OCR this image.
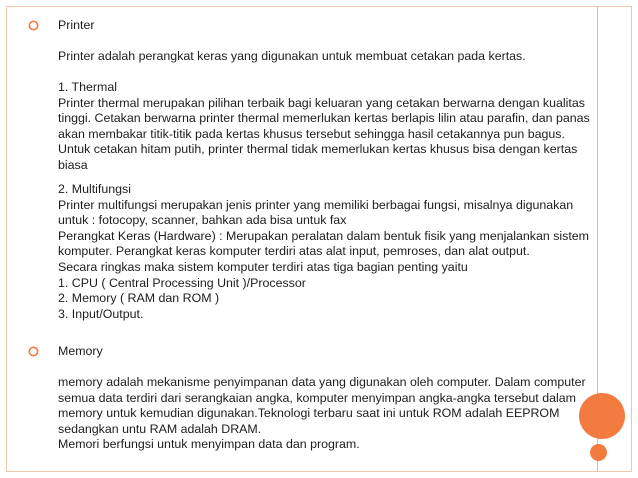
Printer
Printer adalah perangkat keras yang digunakan untuk membuat cetakan pada kertas.
1. Thermal
Printer thermal merupakan pilihan terbaik bagi keluaran yang cetakan berwarna dengan kualitas
tinggi. Cetakan berwarna printer thermal memerlukan kertas berlapis lilin atau parafin, dan panas
akan membakar titik-titik pada kertas khusus tersebut sehingga hasil cetakannya pun bagus.
Untuk cetakan hitam putih, printer thermal tidak memerlukan kertas khusus bisa dengan kertas
biasa
2. Multifungsi
Printer multifungsi merupakan jenis printer yang memiliki berbagai fungsi, misalnya digunakan
untuk : fotocopy, scanner, bahkan ada bisa untuk fax
Perangkat Keras (Hardware) : Merupakan peralatan dalam bentuk fisik yang menjalankan sistem
komputer. Perangkat keras komputer terdiri atas alat input, pemroses, dan alat output.
Secara ringkas maka sistem komputer terdiri atas tiga bagian penting yaitu
1. CPU ( Central Processing Unit )/Processor
2. Memory ( RAM dan ROM )
3. Input/Output.
Memory
memory adalah mekanisme penyimpanan data yang digunakan oleh computer. Dalam computer
semua data terdiri dari serangkaian angka, komputer menyimpan angka-angka tersebut dalam
memory untuk kemudian digunakan.Teknologi terbaru saat ini untuk ROM adalah EEPROM
sedangkan untu RAM adalah DRAM.
Memori berfungsi untuk menyimpan data dan program.
